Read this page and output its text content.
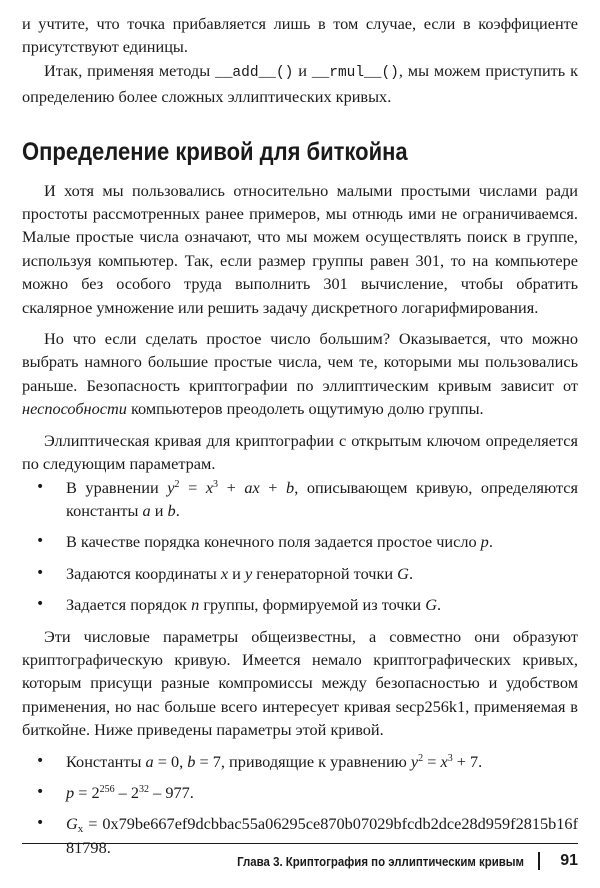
и учтите, что точка прибавляется лишь в том случае, если в коэффициенте присутствуют единицы.

Итак, применяя методы __add__() и __rmul__(), мы можем приступить к определению более сложных эллиптических кривых.

Определение кривой для биткойна

И хотя мы пользовались относительно малыми простыми числами ради простоты рассмотренных ранее примеров, мы отнюдь ими не ограничиваемся. Малые простые числа означают, что мы можем осуществлять поиск в группе, используя компьютер. Так, если размер группы равен 301, то на компьютере можно без особого труда выполнить 301 вычисление, чтобы обратить скалярное умножение или решить задачу дискретного логарифмирования.

Но что если сделать простое число большим? Оказывается, что можно выбрать намного большие простые числа, чем те, которыми мы пользовались раньше. Безопасность криптографии по эллиптическим кривым зависит от неспособности компьютеров преодолеть ощутимую долю группы.

Эллиптическая кривая для криптографии с открытым ключом определяется по следующим параметрам.

• В уравнении $y^2 = x^3$ + ax + b, описывающем кривую, определяются константы a и b.
• В качестве порядка конечного поля задается простое число p.
• Задаются координаты x и y генераторной точки G.
• Задается порядок n группы, формируемой из точки G.

Эти числовые параметры общеизвестны, а совместно они образуют криптографическую кривую. Имеется немало криптографических кривых, которым присущи разные компромиссы между безопасностью и удобством применения, но нас больше всего интересует кривая secp256k1, применяемая в биткойне. Ниже приведены параметры этой кривой.

• Константы a = 0, b = 7, приводящие к уравнению $y^2 = x^3 + 7$.
• $p = 2^{256} - 2^{32} - 977$.
• $G_x$ = 0x79be667ef9dcbbac55a06295ce870b07029bfcdb2dce28d959f2815b16f81798.
Глава 3. Криптография по эллиптическим кривым 91
